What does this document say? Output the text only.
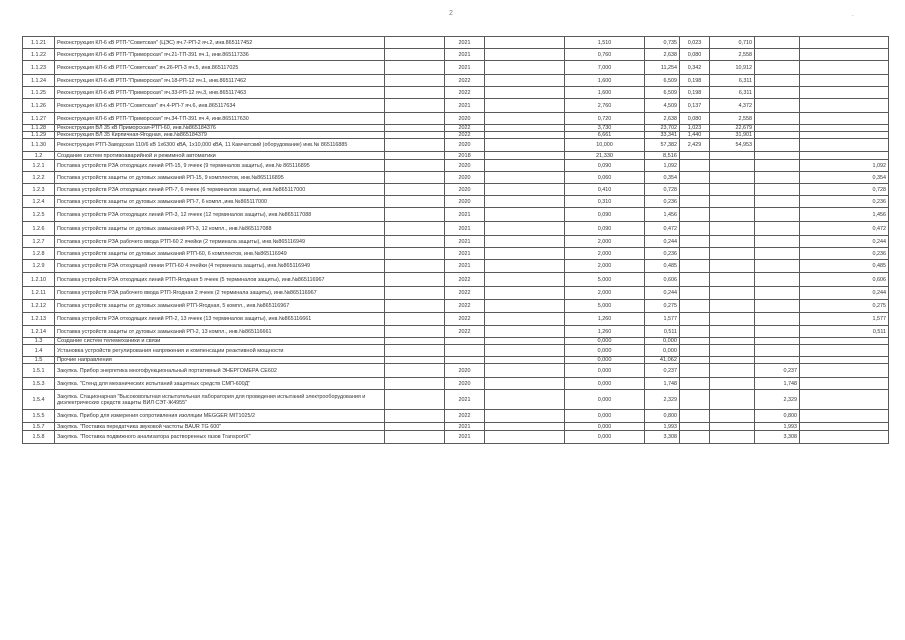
2	.
1.1.21	Реконструкция КЛ-6 кВ РТП-"Советская" (ЦЭС) яч.7-РП-2 яч.2, инв.865117452		2021		1,510	0,735	0,023	0,710		
1.1.22	Реконструкция КЛ-6 кВ РТП-"Приморская" яч.21-ТП-391 яч.1, инв.865117336		2021		0,760	2,638	0,080	2,558		
1.1.23	Реконструкция КЛ-6 кВ РТП-"Советская" яч.26-РП-3 яч.5, инв.865117025		2021		7,000	11,254	0,342	10,912		
1.1.24	Реконструкция КЛ-6 кВ РТП-"Приморская" яч.18-РП-12 яч.1, инв.865117462		2022		1,600	6,509	0,198	6,311		
1.1.25	Реконструкция КЛ-6 кВ РТП-"Приморская" яч.33-РП-12 яч.3, инв.865117463		2022		1,600	6,509	0,198	6,311		
1.1.26	Реконструкция КЛ-6 кВ РТП-"Советская" яч.4-РП-7 яч.6, инв.865117634		2021		2,760	4,509	0,137	4,372		
1.1.27	Реконструкция КЛ-6 кВ РТП-"Приморская" яч.34-ТП-391 яч.4, инв.865117630		2020		0,720	2,638	0,080	2,558		
1.1.28	Реконструкция ВЛ 35 кВ Приморская-РТП-60, инв.№865184376		2022		3,730	23,702	1,023	22,679		
1.1.29	Реконструкция ВЛ 35 Кирпичная-Ягодная, инв.№865184379		2022		6,661	33,341	1,440	31,901		
1.1.30	Реконструкция РТП-Заводская 110/6 кВ 1х6300 кВА, 1х10,000 кВА, 11 Камчатский (оборудование) инв.№ 865116885		2020		10,000	57,382	2,429	54,953		
1.2	Создание систем противоаварийной и режимной автоматики		2018		21,330	8,516				
1.2.1	Поставка устройств РЗА отходящих линий РП-15, 9 ячеек (9 терминалов защиты), инв.№ 865116895		2020		0,090	1,092				1,092
1.2.2	Поставка устройств защиты от дуговых замыканий РП-15, 9 комплектов, инв.№865116895		2020		0,060	0,354				0,354
1.2.3	Поставка устройств РЗА отходящих линий РП-7, 6 ячеек (6 терминалов защиты), инв.№865117000		2020		0,410	0,728				0,728
1.2.4	Поставка устройств защиты от дуговых замыканий РП-7, 6 компл.,инв.№865117000		2020		0,310	0,236				0,236
1.2.5	Поставка устройств РЗА отходящих линий РП-3, 12 ячеек (12 терминалов защиты), инв.№865117088		2021		0,090	1,456				1,456
1.2.6	Поставка устройств защиты от дуговых замыканий РП-3, 12 компл., инв.№865117088		2021		0,090	0,472				0,472
1.2.7	Поставка устройств РЗА рабочего ввода РТП-60 2 ячейки (2 терминала защиты), инв.№865116949		2021		2,000	0,244				0,244
1.2.8	Поставка устройств защиты от дуговых замыканий РТП-60, 6 комплектов, инв.№865116949		2021		2,000	0,236				0,236
1.2.9	Поставка устройств РЗА отходящей линии РТП-60 4 ячейки (4 терминала защиты), инв.№865116949		2021		2,000	0,485				0,485
1.2.10	Поставка устройств РЗА отходящих линий РТП-Ягодная 5 ячеек (5 терминалов защиты), инв.№865116967		2022		5,000	0,606				0,606
1.2.11	Поставка устройств РЗА рабочего ввода РТП-Ягодная 2 ячеек (2 терминала защиты), инв.№865116967		2022		2,000	0,244				0,244
1.2.12	Поставка устройств защиты от дуговых замыканий РТП-Ягодная, 5 компл., инв.№865116967		2022		5,000	0,275				0,275
1.2.13	Поставка устройств РЗА отходящих линий РП-2, 13 ячеек (13 терминалов защиты), инв.№865116661		2022		1,260	1,577				1,577
1.2.14	Поставка устройств защиты от дуговых замыканий РП-2, 13 компл., инв.№865116661		2022		1,260	0,511				0,511
1.3	Создание систем телемеханики и связи				0,000	0,000				
1.4	Установка устройств регулирования напряжения и компенсации реактивной мощности				0,000	0,000				
1.5	Прочие направления				0,000	41,062				
1.5.1	Закупка. Прибор энергетика многофункциональный портативный ЭНЕРГОМЕРА СЕ602		2020		0,000	0,237			0,237	
1.5.3	Закупка. "Стенд для механических испытаний защитных средств СМП-600Д"		2020		0,000	1,748			1,748	
1.5.4	Закупка. Стационарная "Высоковольтная испытательная лаборатория для проведения испытаний электрооборудования и диэлектрических средств защиты ВИЛ СЭТ-Ж4955"		2021		0,000	2,329			2,329	
1.5.5	Закупка. Прибор для измерения сопротивления изоляции MEGGER MIT1025/2		2022		0,000	0,800			0,800	
1.5.7	Закупка. "Поставка передатчика звуковой частоты BAUR TG 600"		2021		0,000	1,993			1,993	
1.5.8	Закупка. "Поставка подвижного анализатора растворенных газов TransportX"		2021		0,000	3,308			3,308	
